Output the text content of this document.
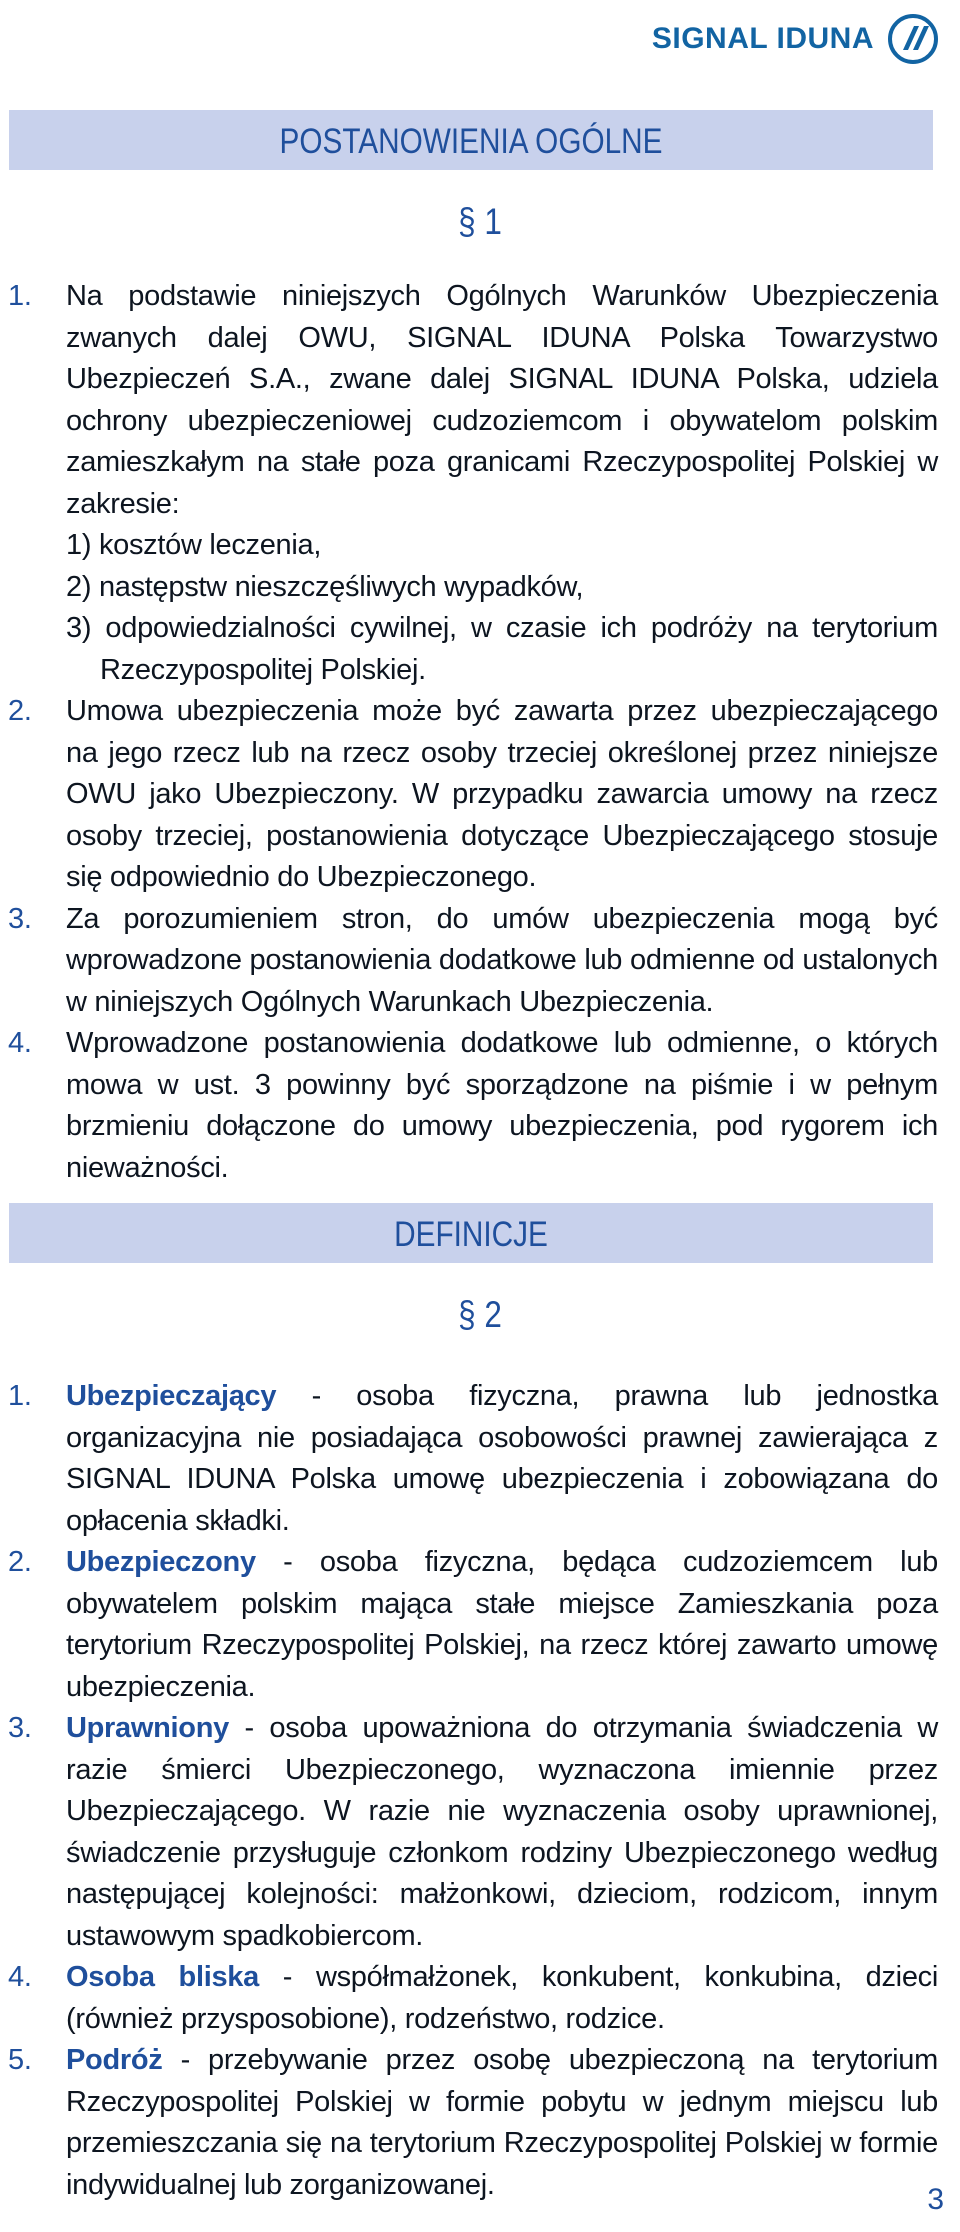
SIGNAL IDUNA
POSTANOWIENIA OGÓLNE
§ 1
1. Na podstawie niniejszych Ogólnych Warunków Ubezpieczenia zwanych dalej OWU, SIGNAL IDUNA Polska Towarzystwo Ubezpieczeń S.A., zwane dalej SIGNAL IDUNA Polska, udziela ochrony ubezpieczeniowej cudzoziemcom i obywatelom polskim zamieszkałym na stałe poza granicami Rzeczypospolitej Polskiej w zakresie:
1) kosztów leczenia,
2) następstw nieszczęśliwych wypadków,
3) odpowiedzialności cywilnej, w czasie ich podróży na terytorium Rzeczypospolitej Polskiej.
2. Umowa ubezpieczenia może być zawarta przez ubezpieczającego na jego rzecz lub na rzecz osoby trzeciej określonej przez niniejsze OWU jako Ubezpieczony. W przypadku zawarcia umowy na rzecz osoby trzeciej, postanowienia dotyczące Ubezpieczającego stosuje się odpowiednio do Ubezpieczonego.
3. Za porozumieniem stron, do umów ubezpieczenia mogą być wprowadzone postanowienia dodatkowe lub odmienne od ustalonych w niniejszych Ogólnych Warunkach Ubezpieczenia.
4. Wprowadzone postanowienia dodatkowe lub odmienne, o których mowa w ust. 3 powinny być sporządzone na piśmie i w pełnym brzmieniu dołączone do umowy ubezpieczenia, pod rygorem ich nieważności.
DEFINICJE
§ 2
1. Ubezpieczający - osoba fizyczna, prawna lub jednostka organizacyjna nie posiadająca osobowości prawnej zawierająca z SIGNAL IDUNA Polska umowę ubezpieczenia i zobowiązana do opłacenia składki.
2. Ubezpieczony - osoba fizyczna, będąca cudzoziemcem lub obywatelem polskim mająca stałe miejsce Zamieszkania poza terytorium Rzeczypospolitej Polskiej, na rzecz której zawarto umowę ubezpieczenia.
3. Uprawniony - osoba upoważniona do otrzymania świadczenia w razie śmierci Ubezpieczonego, wyznaczona imiennie przez Ubezpieczającego. W razie nie wyznaczenia osoby uprawnionej, świadczenie przysługuje członkom rodziny Ubezpieczonego według następującej kolejności: małżonkowi, dzieciom, rodzicom, innym ustawowym spadkobiercom.
4. Osoba bliska - współmałżonek, konkubent, konkubina, dzieci (również przysposobione), rodzeństwo, rodzice.
5. Podróż - przebywanie przez osobę ubezpieczoną na terytorium Rzeczypospolitej Polskiej w formie pobytu w jednym miejscu lub przemieszczania się na terytorium Rzeczypospolitej Polskiej w formie indywidualnej lub zorganizowanej.	3
